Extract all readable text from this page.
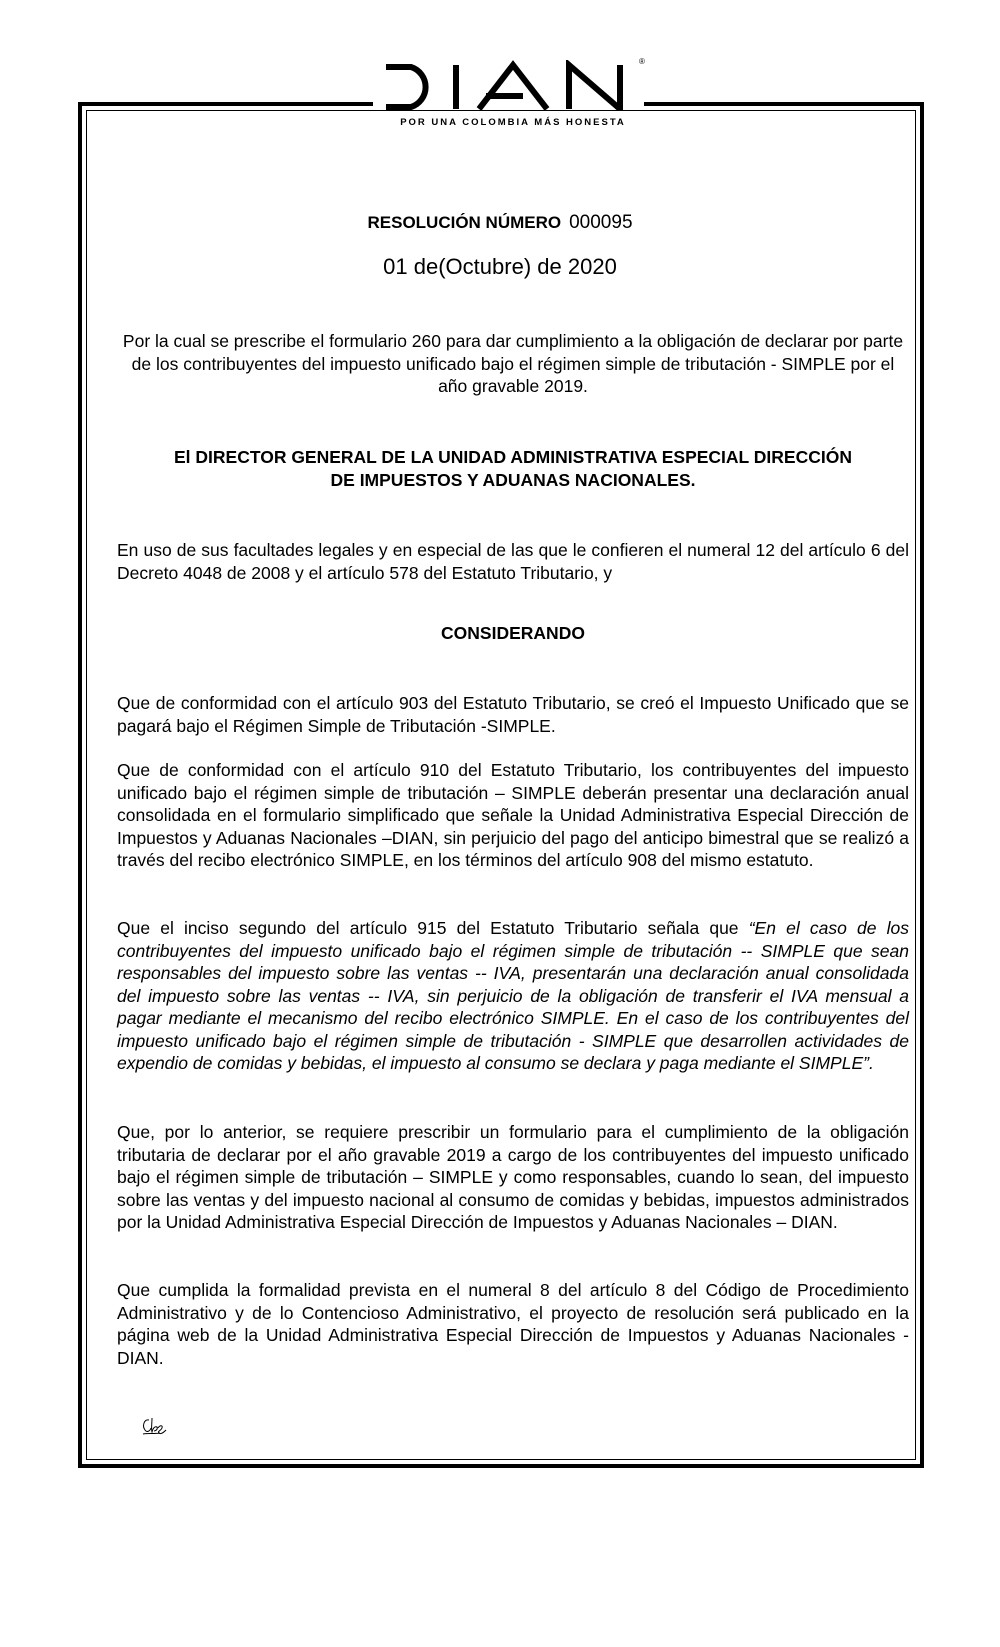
®
POR UNA COLOMBIA MÁS HONESTA
RESOLUCIÓN NÚMERO 000095
01 de(Octubre) de 2020

Por la cual se prescribe el formulario 260 para dar cumplimiento a la obligación de declarar por parte de los contribuyentes del impuesto unificado bajo el régimen simple de tributación - SIMPLE por el año gravable 2019.

El DIRECTOR GENERAL DE LA UNIDAD ADMINISTRATIVA ESPECIAL DIRECCIÓN
DE IMPUESTOS Y ADUANAS NACIONALES.

En uso de sus facultades legales y en especial de las que le confieren el numeral 12 del artículo 6 del Decreto 4048 de 2008 y el artículo 578 del Estatuto Tributario, y

CONSIDERANDO

Que de conformidad con el artículo 903 del Estatuto Tributario, se creó el Impuesto Unificado que se pagará bajo el Régimen Simple de Tributación -SIMPLE.

Que de conformidad con el artículo 910 del Estatuto Tributario, los contribuyentes del impuesto unificado bajo el régimen simple de tributación – SIMPLE deberán presentar una declaración anual consolidada en el formulario simplificado que señale la Unidad Administrativa Especial Dirección de Impuestos y Aduanas Nacionales –DIAN, sin perjuicio del pago del anticipo bimestral que se realizó a través del recibo electrónico SIMPLE, en los términos del artículo 908 del mismo estatuto.

Que el inciso segundo del artículo 915 del Estatuto Tributario señala que “En el caso de los contribuyentes del impuesto unificado bajo el régimen simple de tributación -- SIMPLE que sean responsables del impuesto sobre las ventas -- IVA, presentarán una declaración anual consolidada del impuesto sobre las ventas -- IVA, sin perjuicio de la obligación de transferir el IVA mensual a pagar mediante el mecanismo del recibo electrónico SIMPLE. En el caso de los contribuyentes del impuesto unificado bajo el régimen simple de tributación - SIMPLE que desarrollen actividades de expendio de comidas y bebidas, el impuesto al consumo se declara y paga mediante el SIMPLE”.

Que, por lo anterior, se requiere prescribir un formulario para el cumplimiento de la obligación tributaria de declarar por el año gravable 2019 a cargo de los contribuyentes del impuesto unificado bajo el régimen simple de tributación – SIMPLE y como responsables, cuando lo sean, del impuesto sobre las ventas y del impuesto nacional al consumo de comidas y bebidas, impuestos administrados por la Unidad Administrativa Especial Dirección de Impuestos y Aduanas Nacionales – DIAN.

Que cumplida la formalidad prevista en el numeral 8 del artículo 8 del Código de Procedimiento Administrativo y de lo Contencioso Administrativo, el proyecto de resolución será publicado en la página web de la Unidad Administrativa Especial Dirección de Impuestos y Aduanas Nacionales -DIAN.
